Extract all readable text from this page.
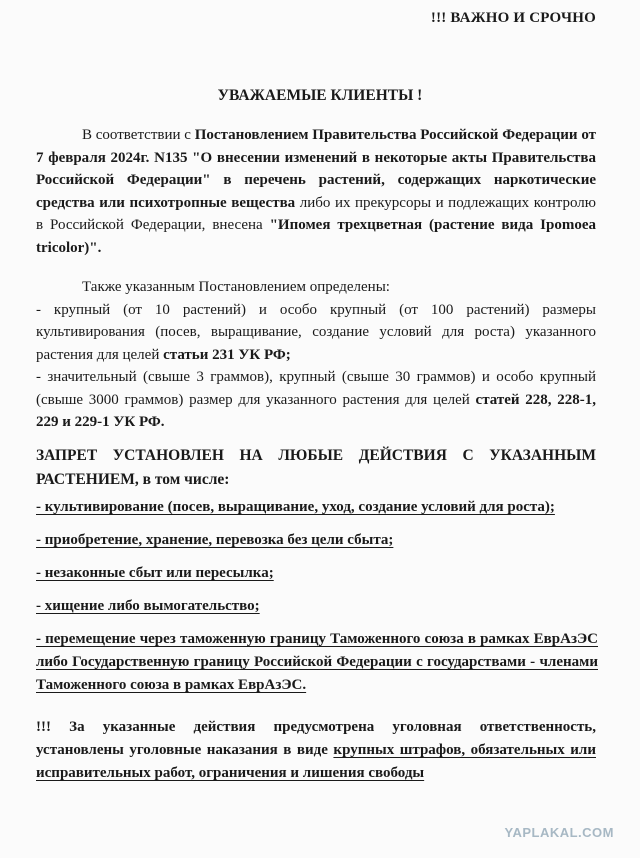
!!! ВАЖНО И СРОЧНО
УВАЖАЕМЫЕ КЛИЕНТЫ !
В соответствии с Постановлением Правительства Российской Федерации от 7 февраля 2024г. N135 "О внесении изменений в некоторые акты Правительства Российской Федерации" в перечень растений, содержащих наркотические средства или психотропные вещества либо их прекурсоры и подлежащих контролю в Российской Федерации, внесена "Ипомея трехцветная (растение вида Ipomoea tricolor)".
Также указанным Постановлением определены:
- крупный (от 10 растений) и особо крупный (от 100 растений) размеры культивирования (посев, выращивание, создание условий для роста) указанного растения для целей статьи 231 УК РФ;
- значительный (свыше 3 граммов), крупный (свыше 30 граммов) и особо крупный (свыше 3000 граммов) размер для указанного растения для целей статей 228, 228-1, 229 и 229-1 УК РФ.
ЗАПРЕТ УСТАНОВЛЕН НА ЛЮБЫЕ ДЕЙСТВИЯ С УКАЗАННЫМ РАСТЕНИЕМ, в том числе:
- культивирование (посев, выращивание, уход, создание условий для роста);
- приобретение, хранение, перевозка без цели сбыта;
- незаконные сбыт или пересылка;
- хищение либо вымогательство;
- перемещение через таможенную границу Таможенного союза в рамках ЕврАзЭС либо Государственную границу Российской Федерации с государствами - членами Таможенного союза в рамках ЕврАзЭС.
!!! За указанные действия предусмотрена уголовная ответственность, установлены уголовные наказания в виде крупных штрафов, обязательных или исправительных работ, ограничения и лишения свободы
YAPLAKAL.COM
